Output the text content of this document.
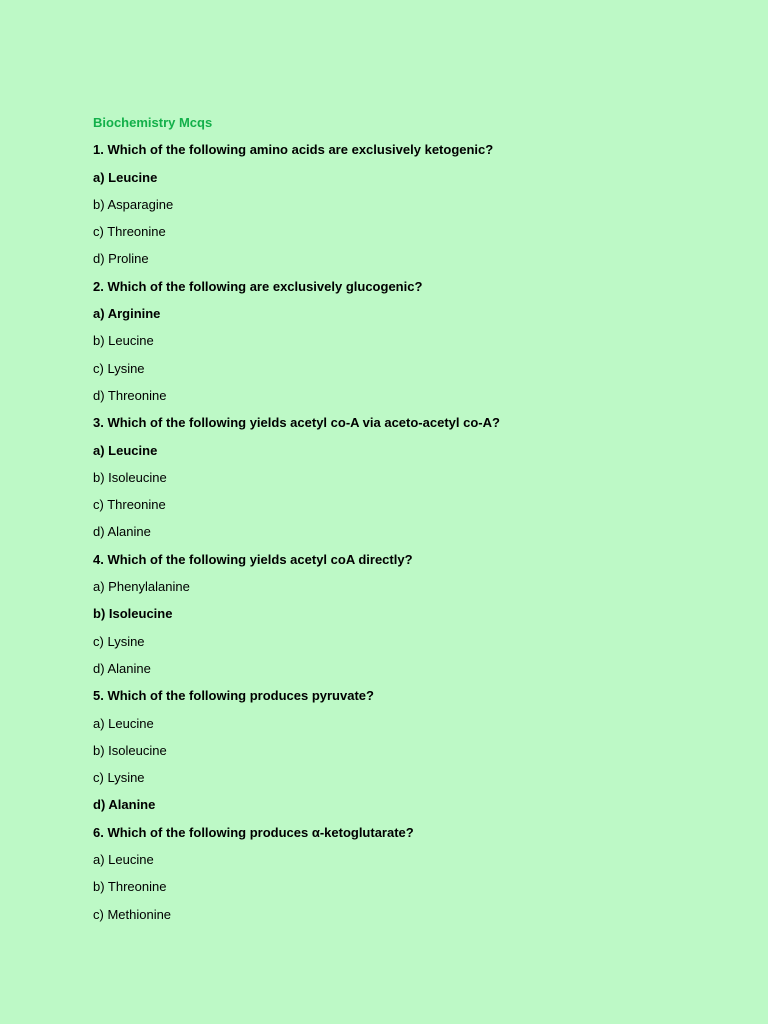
Biochemistry Mcqs
1. Which of the following amino acids are exclusively ketogenic?
a) Leucine
b) Asparagine
c) Threonine
d) Proline
2. Which of the following are exclusively glucogenic?
a) Arginine
b) Leucine
c) Lysine
d) Threonine
3. Which of the following yields acetyl co-A via aceto-acetyl co-A?
a) Leucine
b) Isoleucine
c) Threonine
d) Alanine
4. Which of the following yields acetyl coA directly?
a) Phenylalanine
b) Isoleucine
c) Lysine
d) Alanine
5. Which of the following produces pyruvate?
a) Leucine
b) Isoleucine
c) Lysine
d) Alanine
6. Which of the following produces α-ketoglutarate?
a) Leucine
b) Threonine
c) Methionine
